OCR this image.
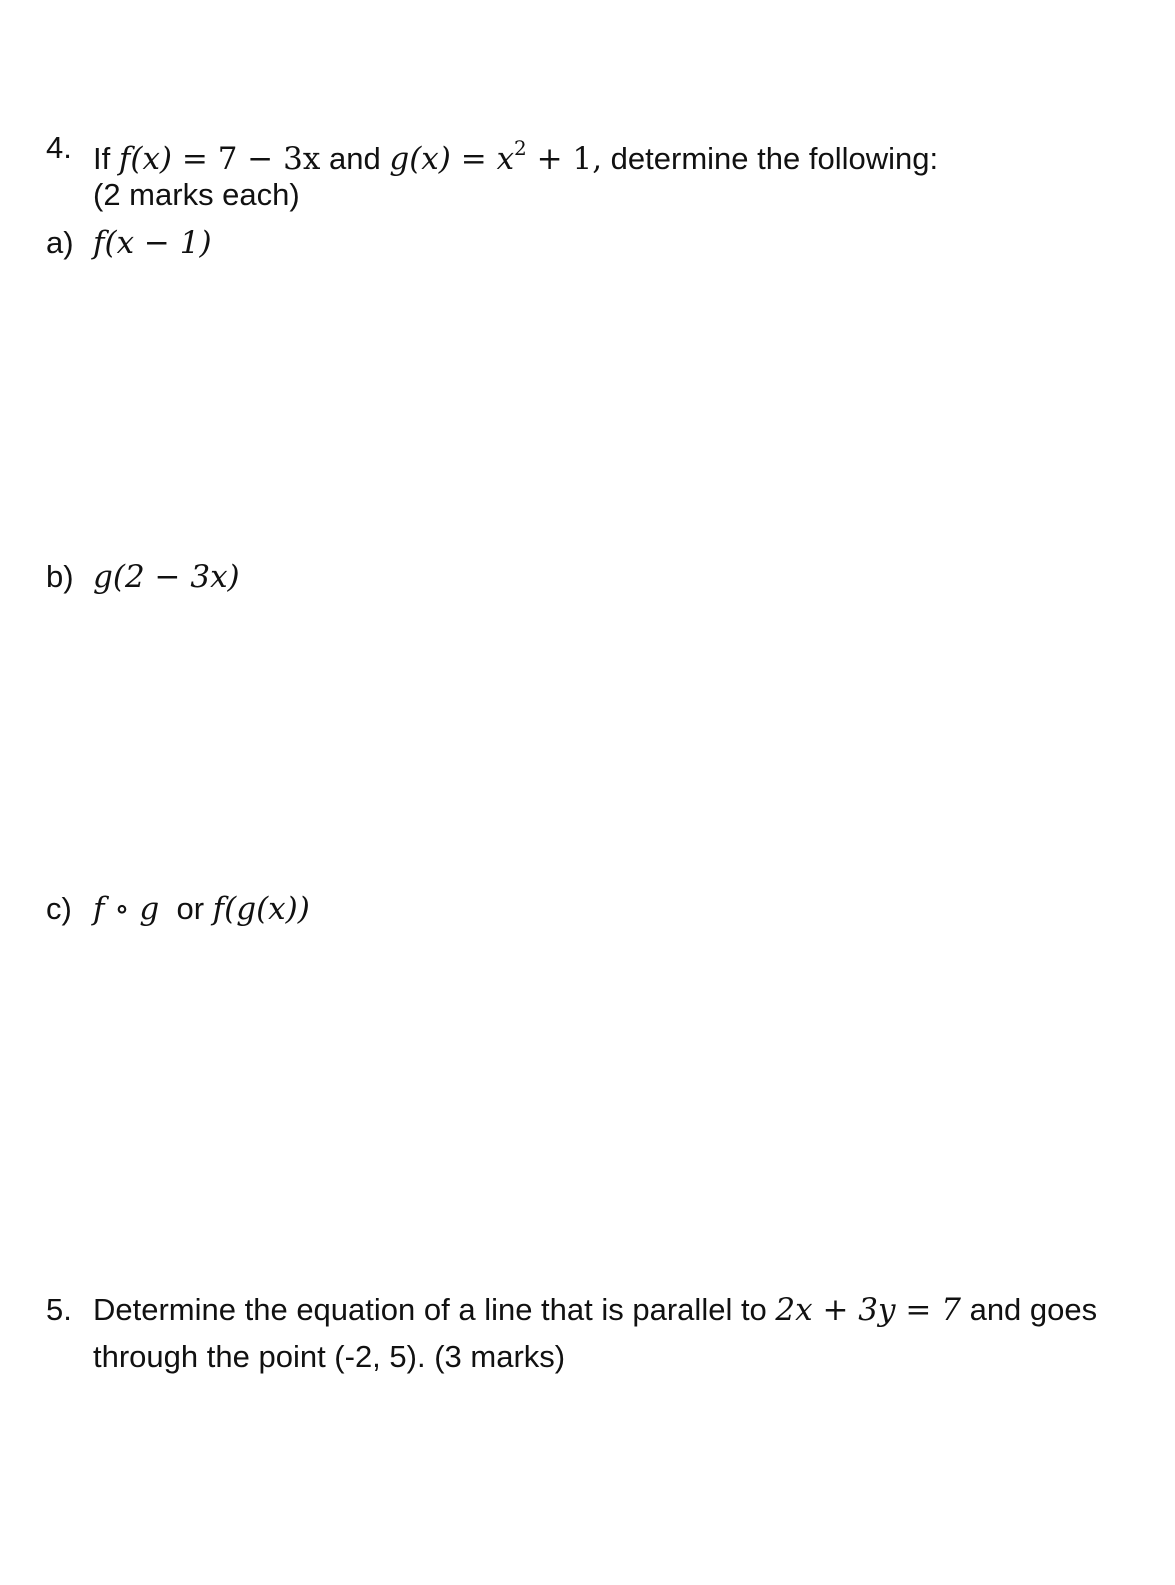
4. If f(x) = 7 − 3x and $g(x) = x^2 + 1$, determine the following:
(2 marks each)
a) f(x − 1)
b) g(2 − 3x)
c) f ∘ g or f(g(x))
5. Determine the equation of a line that is parallel to 2x + 3y = 7 and goes
through the point (-2, 5). (3 marks)
